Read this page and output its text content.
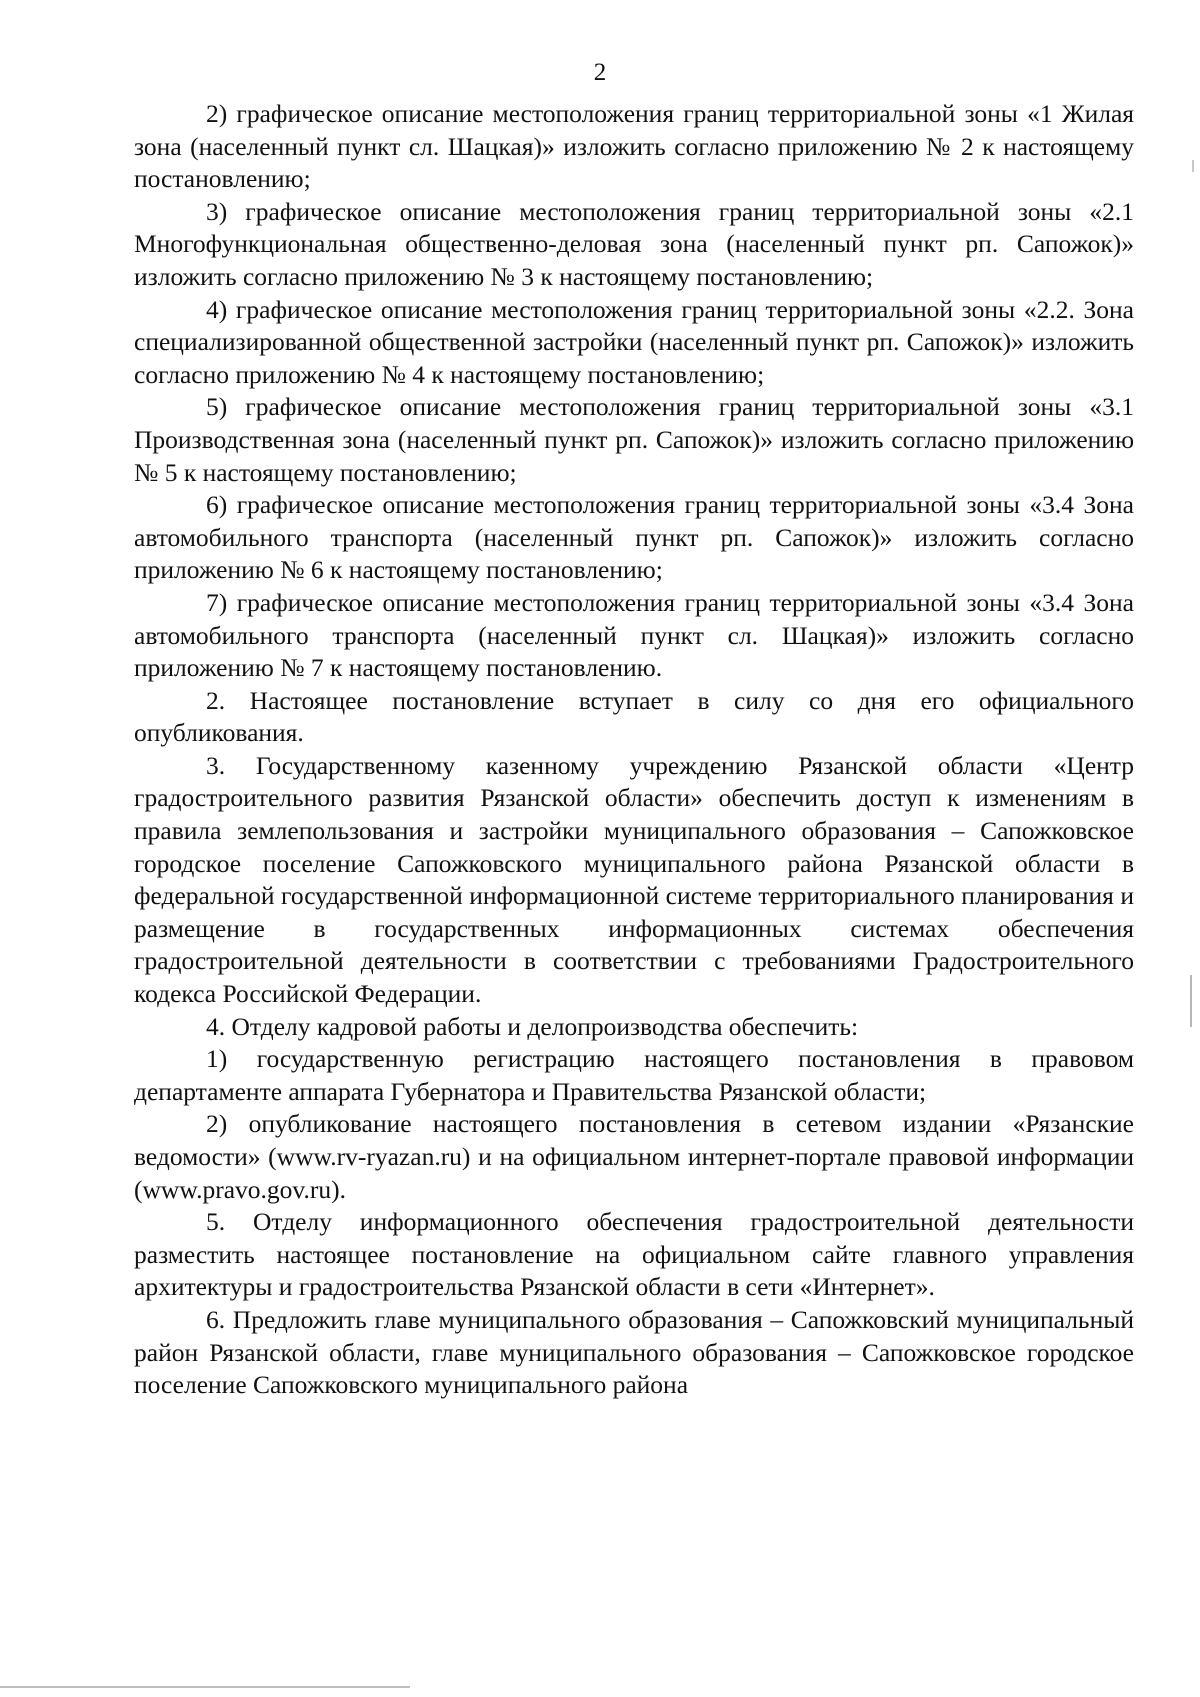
2

2) графическое описание местоположения границ территориальной зоны «1 Жилая зона (населенный пункт сл. Шацкая)» изложить согласно приложению № 2 к настоящему постановлению;

3) графическое описание местоположения границ территориальной зоны «2.1 Многофункциональная общественно-деловая зона (населенный пункт рп. Сапожок)» изложить согласно приложению № 3 к настоящему постановлению;

4) графическое описание местоположения границ территориальной зоны «2.2. Зона специализированной общественной застройки (населенный пункт рп. Сапожок)» изложить согласно приложению № 4 к настоящему постановлению;

5) графическое описание местоположения границ территориальной зоны «3.1 Производственная зона (населенный пункт рп. Сапожок)» изложить согласно приложению № 5 к настоящему постановлению;

6) графическое описание местоположения границ территориальной зоны «3.4 Зона автомобильного транспорта (населенный пункт рп. Сапожок)» изложить согласно приложению № 6 к настоящему постановлению;

7) графическое описание местоположения границ территориальной зоны «3.4 Зона автомобильного транспорта (населенный пункт сл. Шацкая)» изложить согласно приложению № 7 к настоящему постановлению.

2. Настоящее постановление вступает в силу со дня его официального опубликования.

3. Государственному казенному учреждению Рязанской области «Центр градостроительного развития Рязанской области» обеспечить доступ к изменениям в правила землепользования и застройки муниципального образования – Сапожковское городское поселение Сапожковского муниципального района Рязанской области в федеральной государственной информационной системе территориального планирования и размещение в государственных информационных системах обеспечения градостроительной деятельности в соответствии с требованиями Градостроительного кодекса Российской Федерации.

4. Отделу кадровой работы и делопроизводства обеспечить:

1) государственную регистрацию настоящего постановления в правовом департаменте аппарата Губернатора и Правительства Рязанской области;

2) опубликование настоящего постановления в сетевом издании «Рязанские ведомости» (www.rv-ryazan.ru) и на официальном интернет-портале правовой информации (www.pravo.gov.ru).

5. Отделу информационного обеспечения градостроительной деятельности разместить настоящее постановление на официальном сайте главного управления архитектуры и градостроительства Рязанской области в сети «Интернет».

6. Предложить главе муниципального образования – Сапожковский муниципальный район Рязанской области, главе муниципального образования – Сапожковское городское поселение Сапожковского муниципального района
